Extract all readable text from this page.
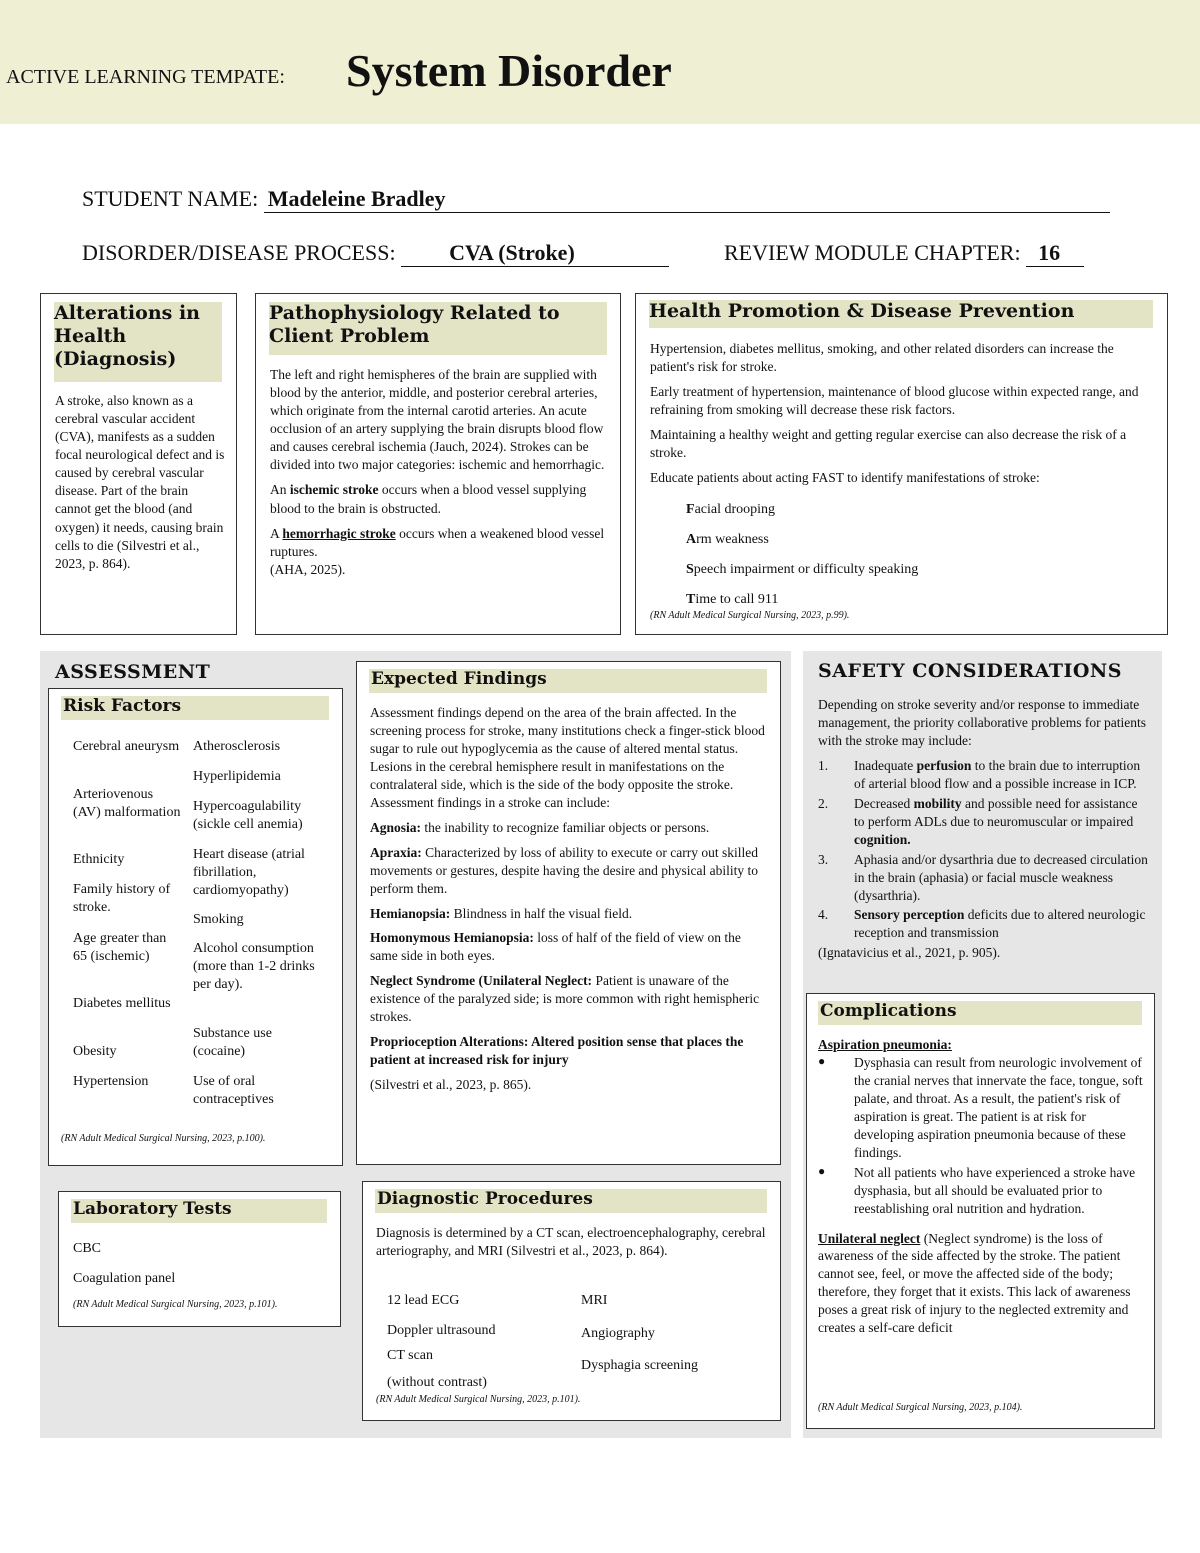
ACTIVE LEARNING TEMPATE: System Disorder
STUDENT NAME: Madeleine Bradley
DISORDER/DISEASE PROCESS: CVA (Stroke)	REVIEW MODULE CHAPTER: 16
Alterations in Health (Diagnosis)
A stroke, also known as a cerebral vascular accident (CVA), manifests as a sudden focal neurological defect and is caused by cerebral vascular disease. Part of the brain cannot get the blood (and oxygen) it needs, causing brain cells to die (Silvestri et al., 2023, p. 864).
Pathophysiology Related to Client Problem

The left and right hemispheres of the brain are supplied with blood by the anterior, middle, and posterior cerebral arteries, which originate from the internal carotid arteries. An acute occlusion of an artery supplying the brain disrupts blood flow and causes cerebral ischemia (Jauch, 2024). Strokes can be divided into two major categories: ischemic and hemorrhagic.

An ischemic stroke occurs when a blood vessel supplying blood to the brain is obstructed.

A hemorrhagic stroke occurs when a weakened blood vessel ruptures.

(AHA, 2025).
Health Promotion & Disease Prevention

Hypertension, diabetes mellitus, smoking, and other related disorders can increase the patient's risk for stroke.

Early treatment of hypertension, maintenance of blood glucose within expected range, and refraining from smoking will decrease these risk factors.

Maintaining a healthy weight and getting regular exercise can also decrease the risk of a stroke.

Educate patients about acting FAST to identify manifestations of stroke:

Facial drooping
Arm weakness
Speech impairment or difficulty speaking
Time to call 911
(RN Adult Medical Surgical Nursing, 2023, p.99).
ASSESSMENT
Risk Factors
Cerebral aneurysm
Arteriovenous (AV) malformation
Ethnicity
Family history of stroke.
Age greater than 65 (ischemic)
Diabetes mellitus
Obesity
Hypertension
Atherosclerosis
Hyperlipidemia
Hypercoagulability (sickle cell anemia)
Heart disease (atrial fibrillation, cardiomyopathy)
Smoking
Alcohol consumption (more than 1-2 drinks per day).
Substance use (cocaine)
Use of oral contraceptives
(RN Adult Medical Surgical Nursing, 2023, p.100).
Laboratory Tests
CBC
Coagulation panel
(RN Adult Medical Surgical Nursing, 2023, p.101).
Expected Findings

Assessment findings depend on the area of the brain affected. In the screening process for stroke, many institutions check a finger-stick blood sugar to rule out hypoglycemia as the cause of altered mental status. Lesions in the cerebral hemisphere result in manifestations on the contralateral side, which is the side of the body opposite the stroke. Assessment findings in a stroke can include:

Agnosia: the inability to recognize familiar objects or persons.

Apraxia: Characterized by loss of ability to execute or carry out skilled movements or gestures, despite having the desire and physical ability to perform them.

Hemianopsia: Blindness in half the visual field.

Homonymous Hemianopsia: loss of half of the field of view on the same side in both eyes.

Neglect Syndrome (Unilateral Neglect: Patient is unaware of the existence of the paralyzed side; is more common with right hemispheric strokes.

Proprioception Alterations: Altered position sense that places the patient at increased risk for injury

(Silvestri et al., 2023, p. 865).
Diagnostic Procedures
Diagnosis is determined by a CT scan, electroencephalography, cerebral arteriography, and MRI (Silvestri et al., 2023, p. 864).
12 lead ECG
Doppler ultrasound
CT scan
(without contrast)
MRI
Angiography
Dysphagia screening
(RN Adult Medical Surgical Nursing, 2023, p.101).
SAFETY CONSIDERATIONS

Depending on stroke severity and/or response to immediate management, the priority collaborative problems for patients with the stroke may include:

1. Inadequate perfusion to the brain due to interruption of arterial blood flow and a possible increase in ICP.
2. Decreased mobility and possible need for assistance to perform ADLs due to neuromuscular or impaired cognition.
3. Aphasia and/or dysarthria due to decreased circulation in the brain (aphasia) or facial muscle weakness (dysarthria).
4. Sensory perception deficits due to altered neurologic reception and transmission
(Ignatavicius et al., 2021, p. 905).
Complications
Aspiration pneumonia:
● Dysphasia can result from neurologic involvement of the cranial nerves that innervate the face, tongue, soft palate, and throat. As a result, the patient's risk of aspiration is great. The patient is at risk for developing aspiration pneumonia because of these findings.
● Not all patients who have experienced a stroke have dysphasia, but all should be evaluated prior to reestablishing oral nutrition and hydration.

Unilateral neglect (Neglect syndrome) is the loss of awareness of the side affected by the stroke. The patient cannot see, feel, or move the affected side of the body; therefore, they forget that it exists. This lack of awareness poses a great risk of injury to the neglected extremity and creates a self-care deficit

(RN Adult Medical Surgical Nursing, 2023, p.104).
